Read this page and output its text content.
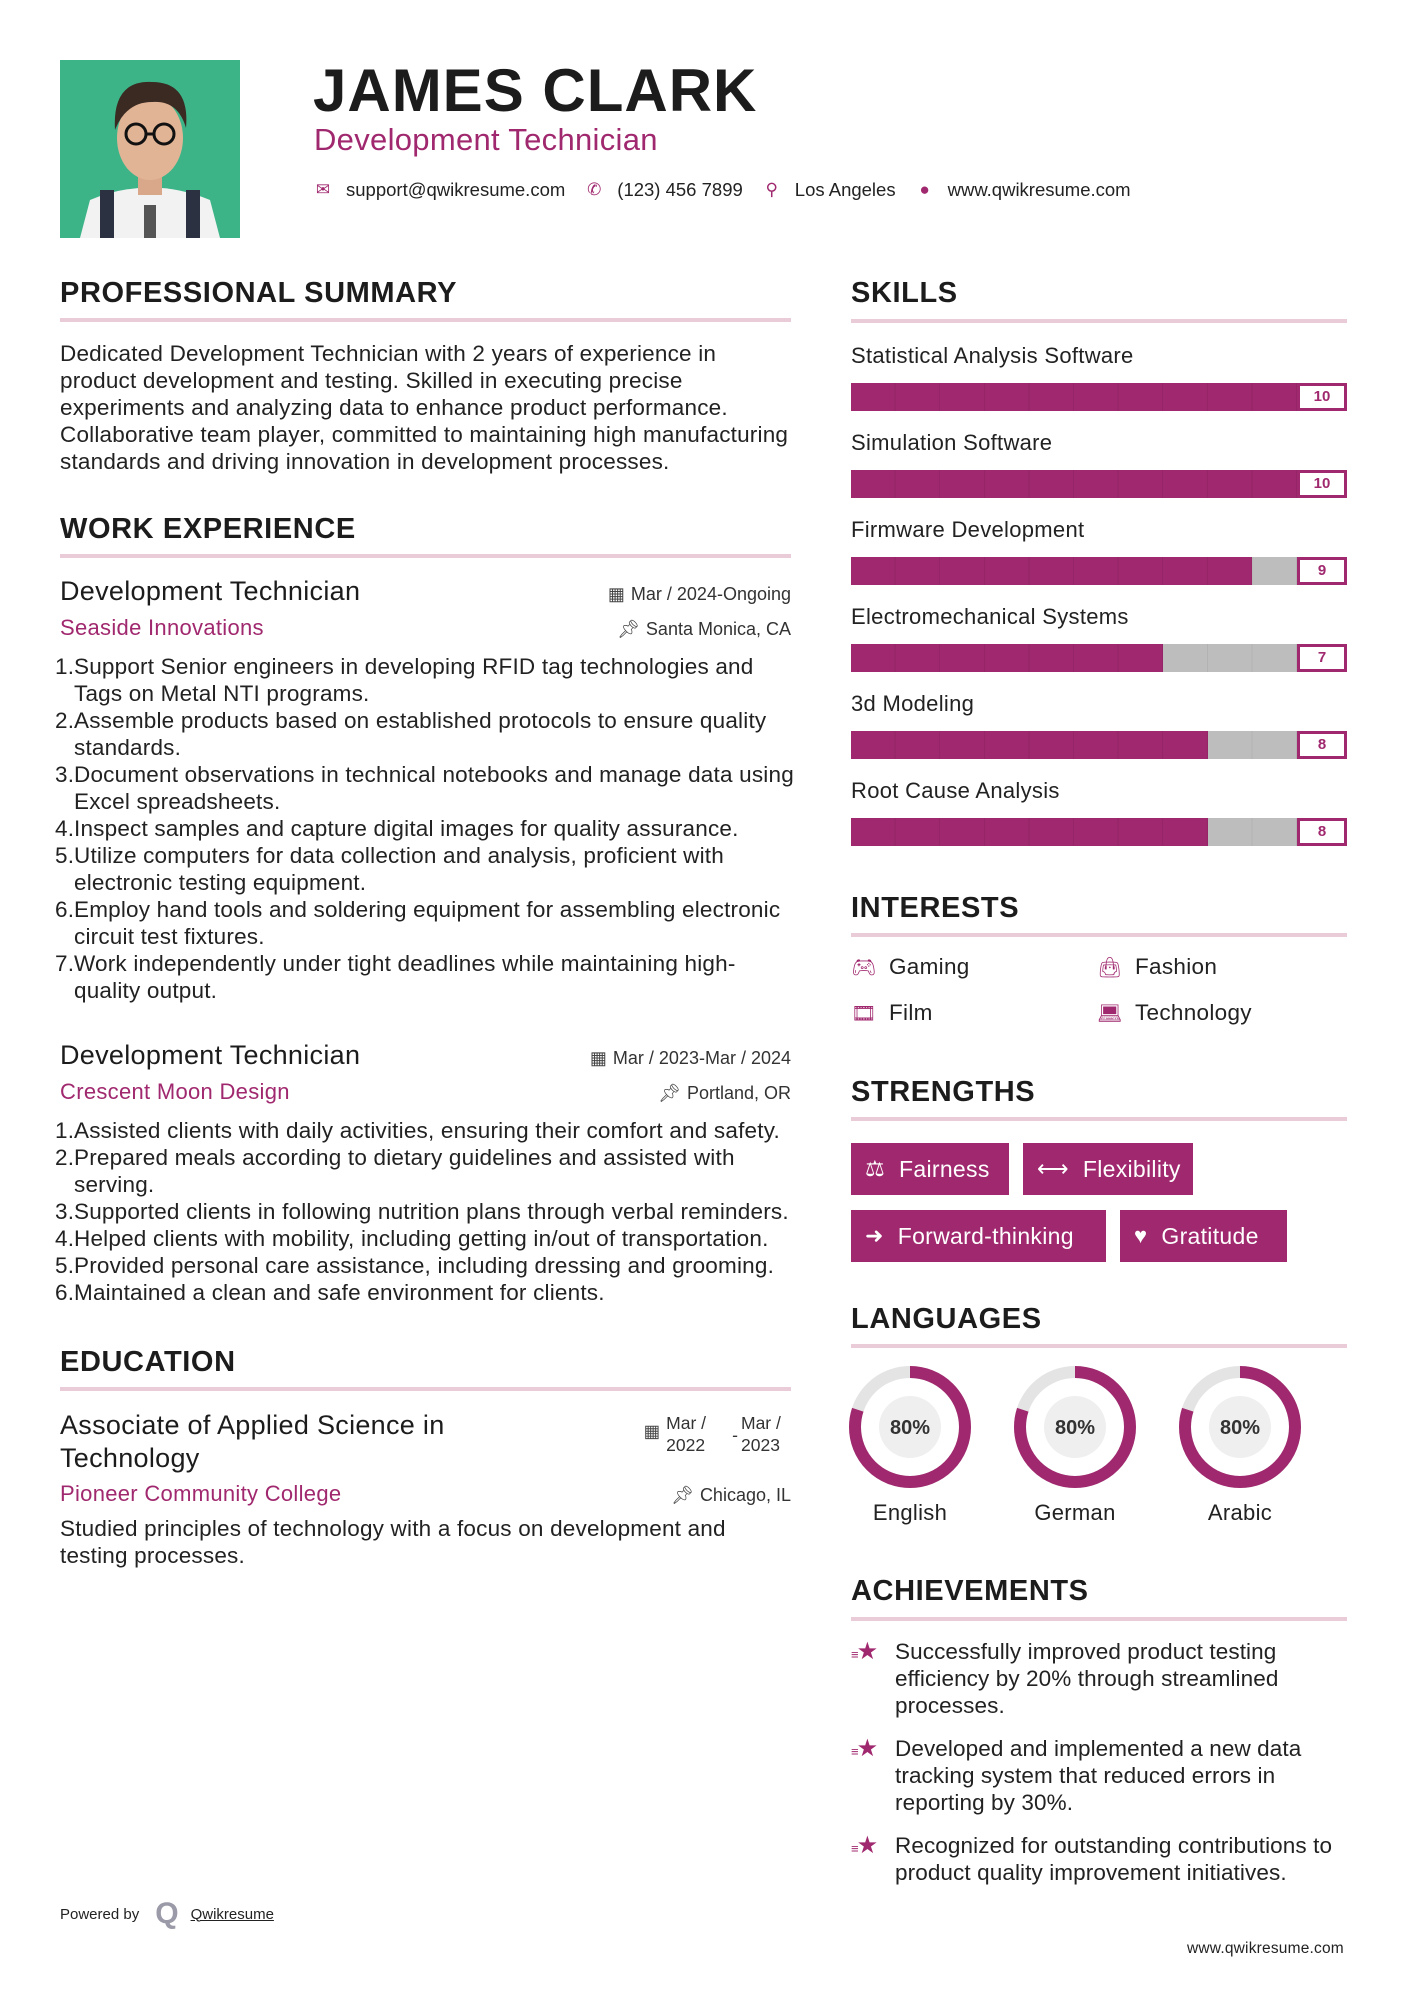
JAMES CLARK
Development Technician
✉ support@qwikresume.com ✆ (123) 456 7899 ⚲ Los Angeles ● www.qwikresume.com
PROFESSIONAL SUMMARY
Dedicated Development Technician with 2 years of experience in product development and testing. Skilled in executing precise experiments and analyzing data to enhance product performance. Collaborative team player, committed to maintaining high manufacturing standards and driving innovation in development processes.
WORK EXPERIENCE
Development Technician	▦ Mar / 2024-Ongoing
Seaside Innovations	📌︎ Santa Monica, CA
1. Support Senior engineers in developing RFID tag technologies and Tags on Metal NTI programs.
2. Assemble products based on established protocols to ensure quality standards.
3. Document observations in technical notebooks and manage data using Excel spreadsheets.
4. Inspect samples and capture digital images for quality assurance.
5. Utilize computers for data collection and analysis, proficient with electronic testing equipment.
6. Employ hand tools and soldering equipment for assembling electronic circuit test fixtures.
7. Work independently under tight deadlines while maintaining high-quality output.
Development Technician	▦ Mar / 2023-Mar / 2024
Crescent Moon Design	📌︎ Portland, OR
1. Assisted clients with daily activities, ensuring their comfort and safety.
2. Prepared meals according to dietary guidelines and assisted with serving.
3. Supported clients in following nutrition plans through verbal reminders.
4. Helped clients with mobility, including getting in/out of transportation.
5. Provided personal care assistance, including dressing and grooming.
6. Maintained a clean and safe environment for clients.
EDUCATION
Associate of Applied Science in Technology
▦ Mar / 2022	-
Mar / 2023
Pioneer Community College	📌︎ Chicago, IL
Studied principles of technology with a focus on development and testing processes.
Powered by Q Qwikresume
www.qwikresume.com
SKILLS
Statistical Analysis Software
10
Simulation Software
10
Firmware Development
9
Electromechanical Systems
7
3d Modeling
8
Root Cause Analysis
8
INTERESTS
🎮︎ Gaming	👜︎ Fashion
🎞︎ Film	💻︎ Technology
STRENGTHS
⚖ Fairness ⟷ Flexibility
➜ Forward-thinking	♥ Gratitude
LANGUAGES
80%
English
80%
German
80%
Arabic
ACHIEVEMENTS
≡★ Successfully improved product testing efficiency by 20% through streamlined processes.
≡★ Developed and implemented a new data tracking system that reduced errors in reporting by 30%.
≡★ Recognized for outstanding contributions to product quality improvement initiatives.
